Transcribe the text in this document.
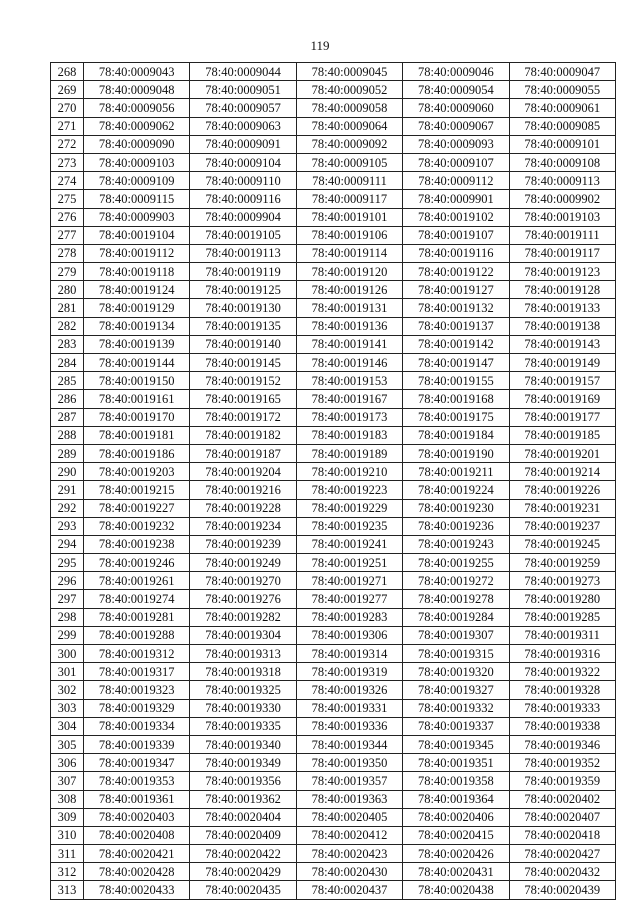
119
268	78:40:0009043	78:40:0009044	78:40:0009045	78:40:0009046	78:40:0009047
269	78:40:0009048	78:40:0009051	78:40:0009052	78:40:0009054	78:40:0009055
270	78:40:0009056	78:40:0009057	78:40:0009058	78:40:0009060	78:40:0009061
271	78:40:0009062	78:40:0009063	78:40:0009064	78:40:0009067	78:40:0009085
272	78:40:0009090	78:40:0009091	78:40:0009092	78:40:0009093	78:40:0009101
273	78:40:0009103	78:40:0009104	78:40:0009105	78:40:0009107	78:40:0009108
274	78:40:0009109	78:40:0009110	78:40:0009111	78:40:0009112	78:40:0009113
275	78:40:0009115	78:40:0009116	78:40:0009117	78:40:0009901	78:40:0009902
276	78:40:0009903	78:40:0009904	78:40:0019101	78:40:0019102	78:40:0019103
277	78:40:0019104	78:40:0019105	78:40:0019106	78:40:0019107	78:40:0019111
278	78:40:0019112	78:40:0019113	78:40:0019114	78:40:0019116	78:40:0019117
279	78:40:0019118	78:40:0019119	78:40:0019120	78:40:0019122	78:40:0019123
280	78:40:0019124	78:40:0019125	78:40:0019126	78:40:0019127	78:40:0019128
281	78:40:0019129	78:40:0019130	78:40:0019131	78:40:0019132	78:40:0019133
282	78:40:0019134	78:40:0019135	78:40:0019136	78:40:0019137	78:40:0019138
283	78:40:0019139	78:40:0019140	78:40:0019141	78:40:0019142	78:40:0019143
284	78:40:0019144	78:40:0019145	78:40:0019146	78:40:0019147	78:40:0019149
285	78:40:0019150	78:40:0019152	78:40:0019153	78:40:0019155	78:40:0019157
286	78:40:0019161	78:40:0019165	78:40:0019167	78:40:0019168	78:40:0019169
287	78:40:0019170	78:40:0019172	78:40:0019173	78:40:0019175	78:40:0019177
288	78:40:0019181	78:40:0019182	78:40:0019183	78:40:0019184	78:40:0019185
289	78:40:0019186	78:40:0019187	78:40:0019189	78:40:0019190	78:40:0019201
290	78:40:0019203	78:40:0019204	78:40:0019210	78:40:0019211	78:40:0019214
291	78:40:0019215	78:40:0019216	78:40:0019223	78:40:0019224	78:40:0019226
292	78:40:0019227	78:40:0019228	78:40:0019229	78:40:0019230	78:40:0019231
293	78:40:0019232	78:40:0019234	78:40:0019235	78:40:0019236	78:40:0019237
294	78:40:0019238	78:40:0019239	78:40:0019241	78:40:0019243	78:40:0019245
295	78:40:0019246	78:40:0019249	78:40:0019251	78:40:0019255	78:40:0019259
296	78:40:0019261	78:40:0019270	78:40:0019271	78:40:0019272	78:40:0019273
297	78:40:0019274	78:40:0019276	78:40:0019277	78:40:0019278	78:40:0019280
298	78:40:0019281	78:40:0019282	78:40:0019283	78:40:0019284	78:40:0019285
299	78:40:0019288	78:40:0019304	78:40:0019306	78:40:0019307	78:40:0019311
300	78:40:0019312	78:40:0019313	78:40:0019314	78:40:0019315	78:40:0019316
301	78:40:0019317	78:40:0019318	78:40:0019319	78:40:0019320	78:40:0019322
302	78:40:0019323	78:40:0019325	78:40:0019326	78:40:0019327	78:40:0019328
303	78:40:0019329	78:40:0019330	78:40:0019331	78:40:0019332	78:40:0019333
304	78:40:0019334	78:40:0019335	78:40:0019336	78:40:0019337	78:40:0019338
305	78:40:0019339	78:40:0019340	78:40:0019344	78:40:0019345	78:40:0019346
306	78:40:0019347	78:40:0019349	78:40:0019350	78:40:0019351	78:40:0019352
307	78:40:0019353	78:40:0019356	78:40:0019357	78:40:0019358	78:40:0019359
308	78:40:0019361	78:40:0019362	78:40:0019363	78:40:0019364	78:40:0020402
309	78:40:0020403	78:40:0020404	78:40:0020405	78:40:0020406	78:40:0020407
310	78:40:0020408	78:40:0020409	78:40:0020412	78:40:0020415	78:40:0020418
311	78:40:0020421	78:40:0020422	78:40:0020423	78:40:0020426	78:40:0020427
312	78:40:0020428	78:40:0020429	78:40:0020430	78:40:0020431	78:40:0020432
313	78:40:0020433	78:40:0020435	78:40:0020437	78:40:0020438	78:40:0020439
